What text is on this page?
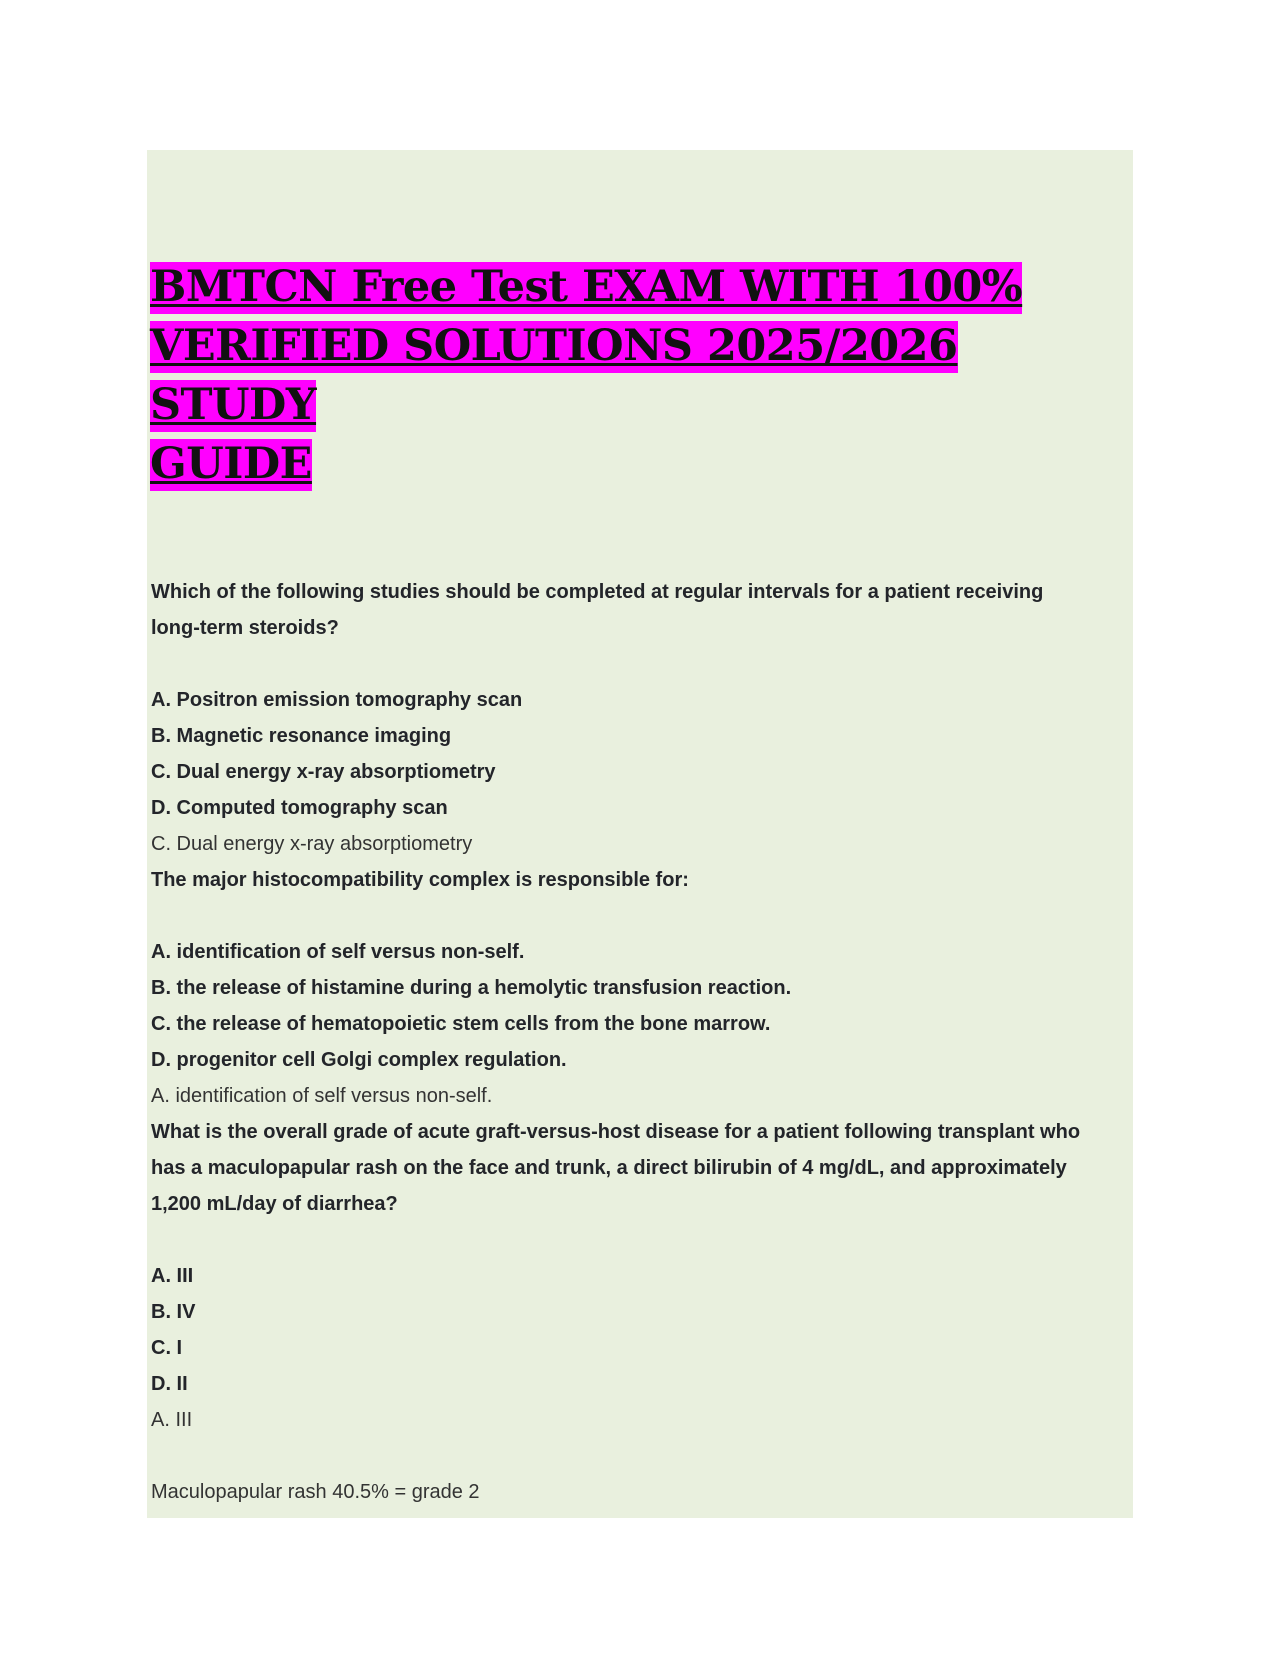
BMTCN Free Test EXAM WITH 100%
VERIFIED SOLUTIONS 2025/2026 STUDY
GUIDE

Which of the following studies should be completed at regular intervals for a patient receiving

long-term steroids?

A. Positron emission tomography scan

B. Magnetic resonance imaging

C. Dual energy x-ray absorptiometry

D. Computed tomography scan

C. Dual energy x-ray absorptiometry

The major histocompatibility complex is responsible for:

A. identification of self versus non-self.

B. the release of histamine during a hemolytic transfusion reaction.

C. the release of hematopoietic stem cells from the bone marrow.

D. progenitor cell Golgi complex regulation.

A. identification of self versus non-self.

What is the overall grade of acute graft-versus-host disease for a patient following transplant who

has a maculopapular rash on the face and trunk, a direct bilirubin of 4 mg/dL, and approximately

1,200 mL/day of diarrhea?

A. III

B. IV

C. I

D. II

A. III

Maculopapular rash 40.5% = grade 2
